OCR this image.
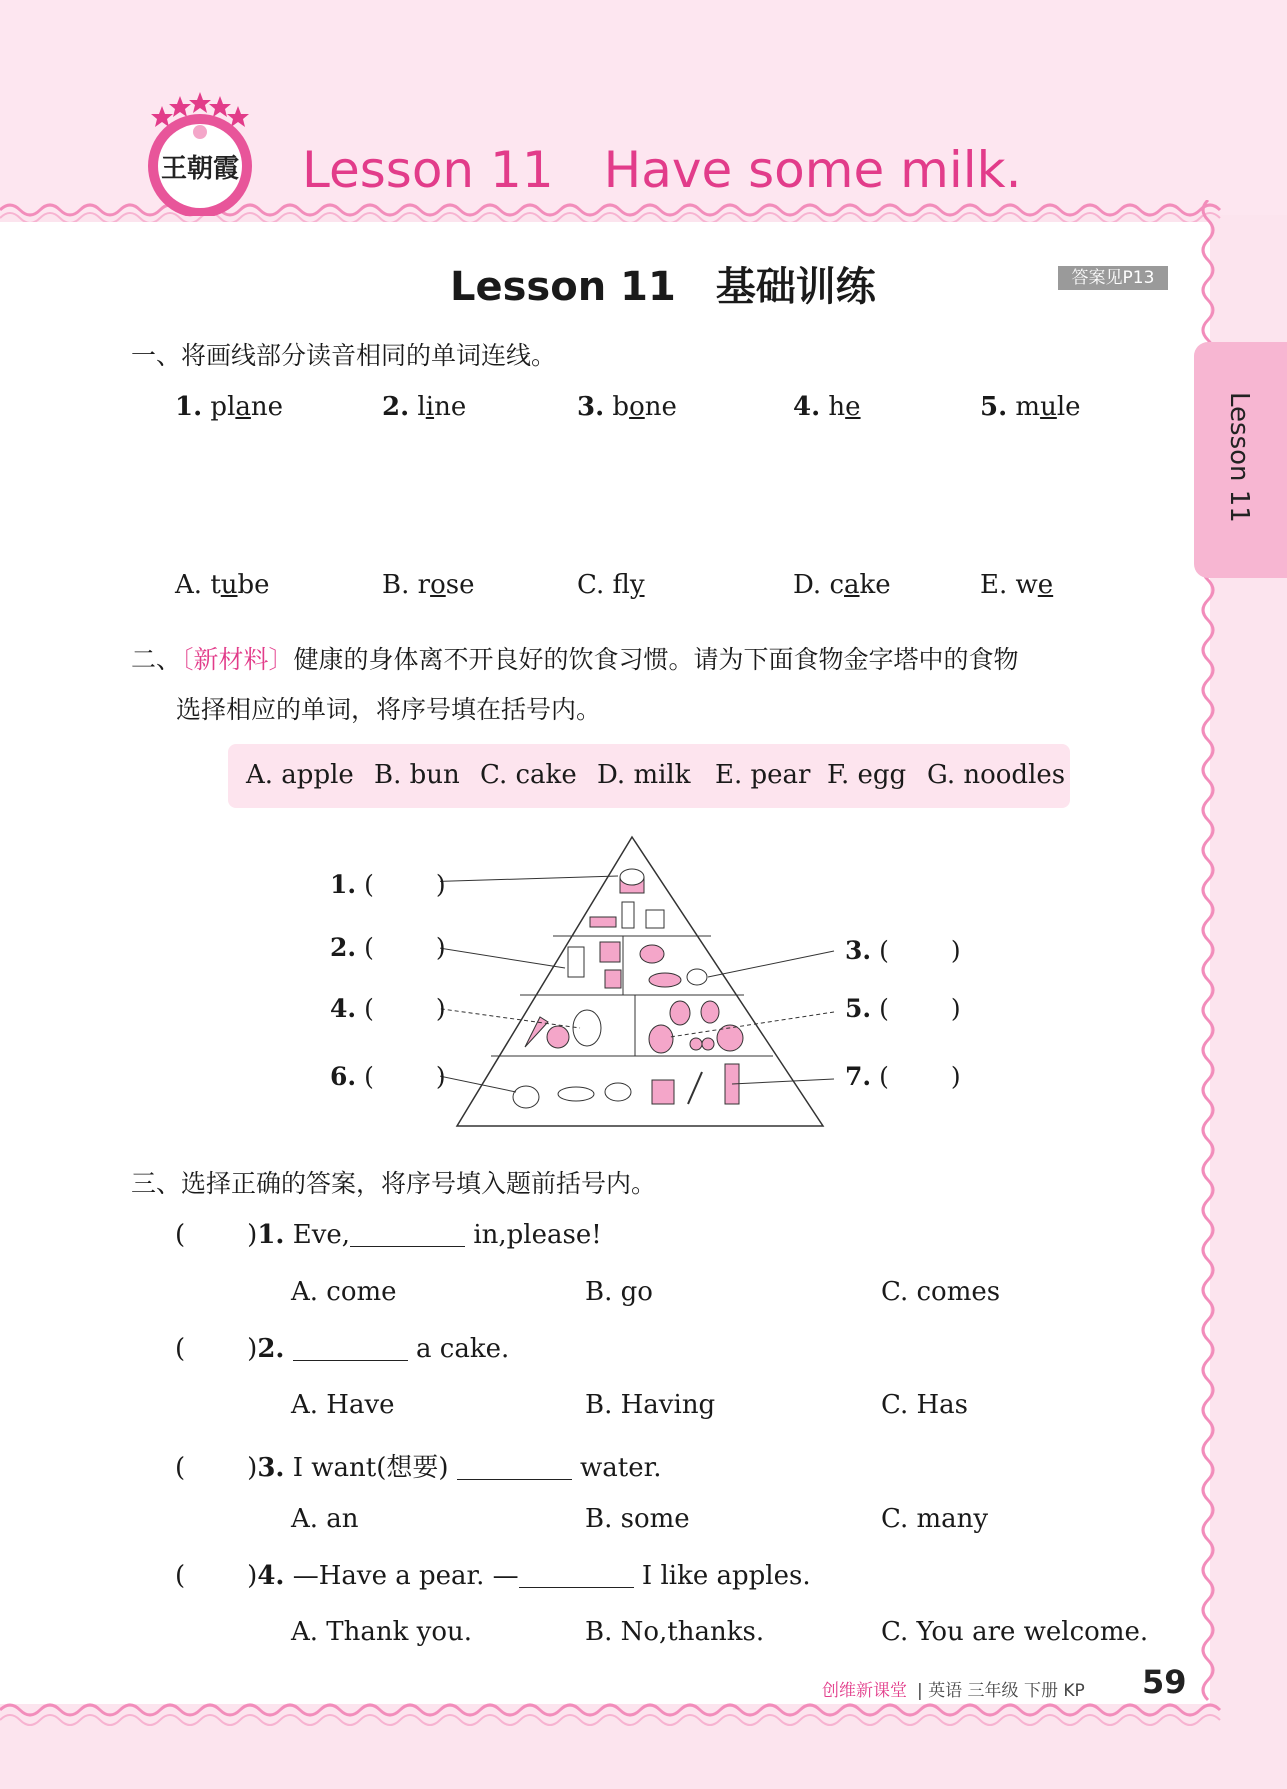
王朝霞 Lesson 11　Have some milk.
Lesson 11
Lesson 11　基础训练	答案见P13
一、将画线部分读音相同的单词连线。
1. plane	2. line	3. bone	4. he	5. mule
A. tube	B. rose	C. fly	D. cake	E. we
二、〔新材料〕健康的身体离不开良好的饮食习惯。请为下面食物金字塔中的食物
选择相应的单词，将序号填在括号内。
A. apple B. bun C. cake D. milk E. pear F. egg G. noodles
1. ( )
2. ( )	3. ( )
4. ( )	5. ( )
6. ( )	7. ( )
三、选择正确的答案，将序号填入题前括号内。
( )1. Eve,	in,please!
A. come	B. go	C. comes
( )2.	a cake.
A. Have	B. Having	C. Has
( )3. I want(想要)	water.
A. an	B. some	C. many
( )4. —Have a pear. —	I like apples.
A. Thank you.	B. No,thanks.	C. You are welcome.
创维新课堂 | 英语 三年级 下册 KP 59
